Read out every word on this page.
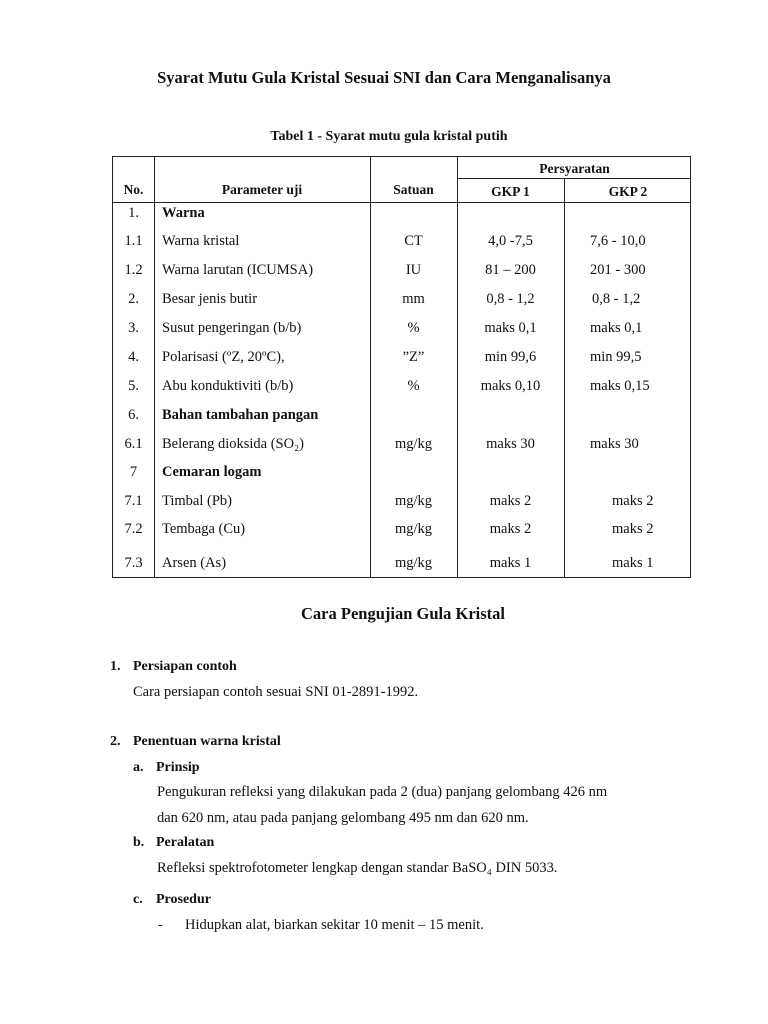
Syarat Mutu Gula Kristal Sesuai SNI dan Cara Menganalisanya
Tabel 1 - Syarat mutu gula kristal putih
No.	Parameter uji	Satuan
Persyaratan
GKP 1	GKP 2
1.	Warna
1.1	Warna kristal	CT	4,0 -7,5	7,6 - 10,0
1.2	Warna larutan (ICUMSA)	IU	81 – 200	201 - 300
2.	Besar jenis butir	mm	0,8 - 1,2	0,8 - 1,2
3.	Susut pengeringan (b/b)	%	maks 0,1	maks 0,1
4.	Polarisasi (ºZ, 20ºC),	”Z”	min 99,6	min 99,5
5.	Abu konduktiviti (b/b)	%	maks 0,10	maks 0,15
6.	Bahan tambahan pangan
6.1	Belerang dioksida (SO₂)	mg/kg	maks 30	maks 30
7	Cemaran logam
7.1	Timbal (Pb)	mg/kg	maks 2	maks 2
7.2	Tembaga (Cu)	mg/kg	maks 2	maks 2
7.3	Arsen (As)	mg/kg	maks 1	maks 1
Cara Pengujian Gula Kristal
1. Persiapan contoh
Cara persiapan contoh sesuai SNI 01-2891-1992.
2. Penentuan warna kristal
a. Prinsip
Pengukuran refleksi yang dilakukan pada 2 (dua) panjang gelombang 426 nm
dan 620 nm, atau pada panjang gelombang 495 nm dan 620 nm.
b. Peralatan
Refleksi spektrofotometer lengkap dengan standar BaSO₄ DIN 5033.
c. Prosedur
- Hidupkan alat, biarkan sekitar 10 menit – 15 menit.
